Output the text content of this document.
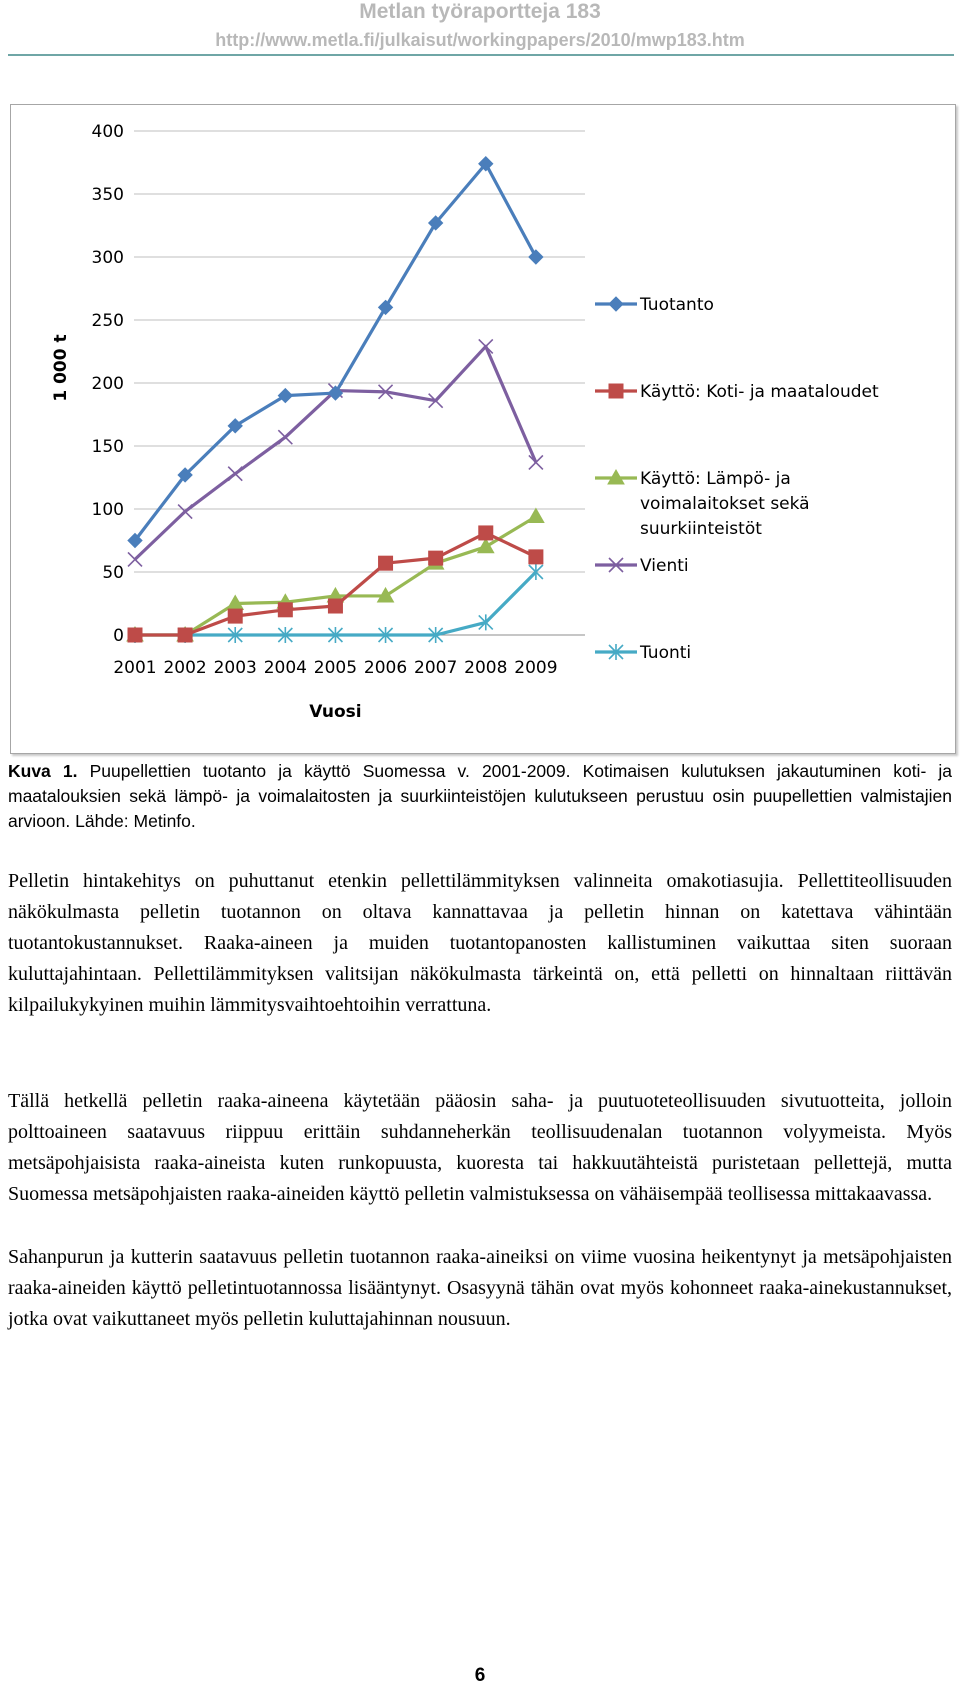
Metlan työraportteja 183
http://www.metla.fi/julkaisut/workingpapers/2010/mwp183.htm
0
50
100
150
200
250
300
350
400
2001 2002 2003 2004 2005 2006 2007 2008 2009
Vuosi
1 000 t
Tuotanto
Käyttö: Koti- ja maataloudet
Käyttö: Lämpö- ja
voimalaitokset sekä
suurkiinteistöt
Vienti
Tuonti
Kuva 1. Puupellettien tuotanto ja käyttö Suomessa v. 2001-2009. Kotimaisen kulutuksen jakautuminen koti- ja maatalouksien sekä lämpö- ja voimalaitosten ja suurkiinteistöjen kulutukseen perustuu osin puupellettien valmistajien arvioon. Lähde: Metinfo.

Pelletin hintakehitys on puhuttanut etenkin pellettilämmityksen valinneita omakotiasujia. Pellettiteollisuuden näkökulmasta pelletin tuotannon on oltava kannattavaa ja pelletin hinnan on katettava vähintään tuotantokustannukset. Raaka-aineen ja muiden tuotantopanosten kallistuminen vaikuttaa siten suoraan kuluttajahintaan. Pellettilämmityksen valitsijan näkökulmasta tärkeintä on, että pelletti on hinnaltaan riittävän kilpailukykyinen muihin lämmitysvaihtoehtoihin verrattuna.

Tällä hetkellä pelletin raaka-aineena käytetään pääosin saha- ja puutuoteteollisuuden sivutuotteita, jolloin polttoaineen saatavuus riippuu erittäin suhdanneherkän teollisuudenalan tuotannon volyymeista. Myös metsäpohjaisista raaka-aineista kuten runkopuusta, kuoresta tai hakkuutähteistä puristetaan pellettejä, mutta Suomessa metsäpohjaisten raaka-aineiden käyttö pelletin valmistuksessa on vähäisempää teollisessa mittakaavassa.

Sahanpurun ja kutterin saatavuus pelletin tuotannon raaka-aineiksi on viime vuosina heikentynyt ja metsäpohjaisten raaka-aineiden käyttö pelletintuotannossa lisääntynyt. Osasyynä tähän ovat myös kohonneet raaka-ainekustannukset, jotka ovat vaikuttaneet myös pelletin kuluttajahinnan nousuun.

6
